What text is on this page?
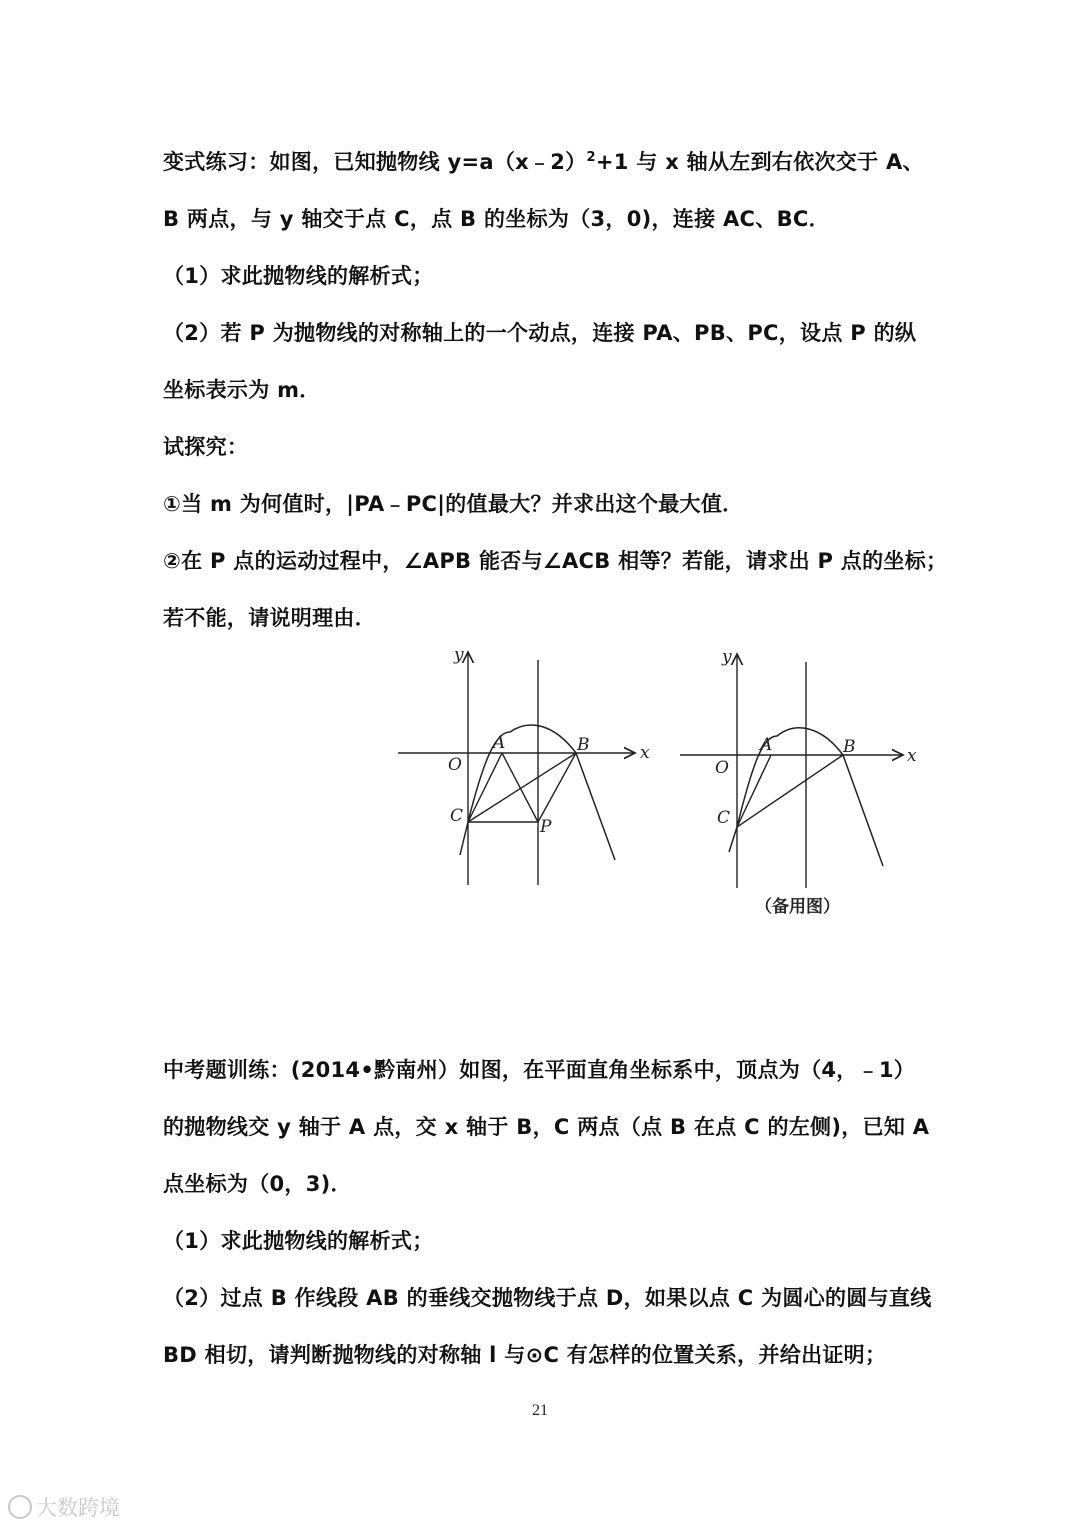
变式练习：如图，已知抛物线 y=a（x﹣2）$^2$+1 与 x 轴从左到右依次交于 A、
B 两点，与 y 轴交于点 C，点 B 的坐标为（3，0)，连接 AC、BC．
（1）求此抛物线的解析式；
（2）若 P 为抛物线的对称轴上的一个动点，连接 PA、PB、PC，设点 P 的纵
坐标表示为 m．
试探究：
①当 m 为何值时，|PA﹣PC|的值最大？并求出这个最大值．
②在 P 点的运动过程中，∠APB 能否与∠ACB 相等？若能，请求出 P 点的坐标；
若不能，请说明理由．
y
x
O
A	B
C
P
y
x
O
A	B
C
（备用图）
中考题训练：(2014•黔南州）如图，在平面直角坐标系中，顶点为（4，﹣1）
的抛物线交 y 轴于 A 点，交 x 轴于 B，C 两点（点 B 在点 C 的左侧)，已知 A
点坐标为（0，3)．
（1）求此抛物线的解析式；
（2）过点 B 作线段 AB 的垂线交抛物线于点 D，如果以点 C 为圆心的圆与直线
BD 相切，请判断抛物线的对称轴 l 与⊙C 有怎样的位置关系，并给出证明；
21
大数跨境
